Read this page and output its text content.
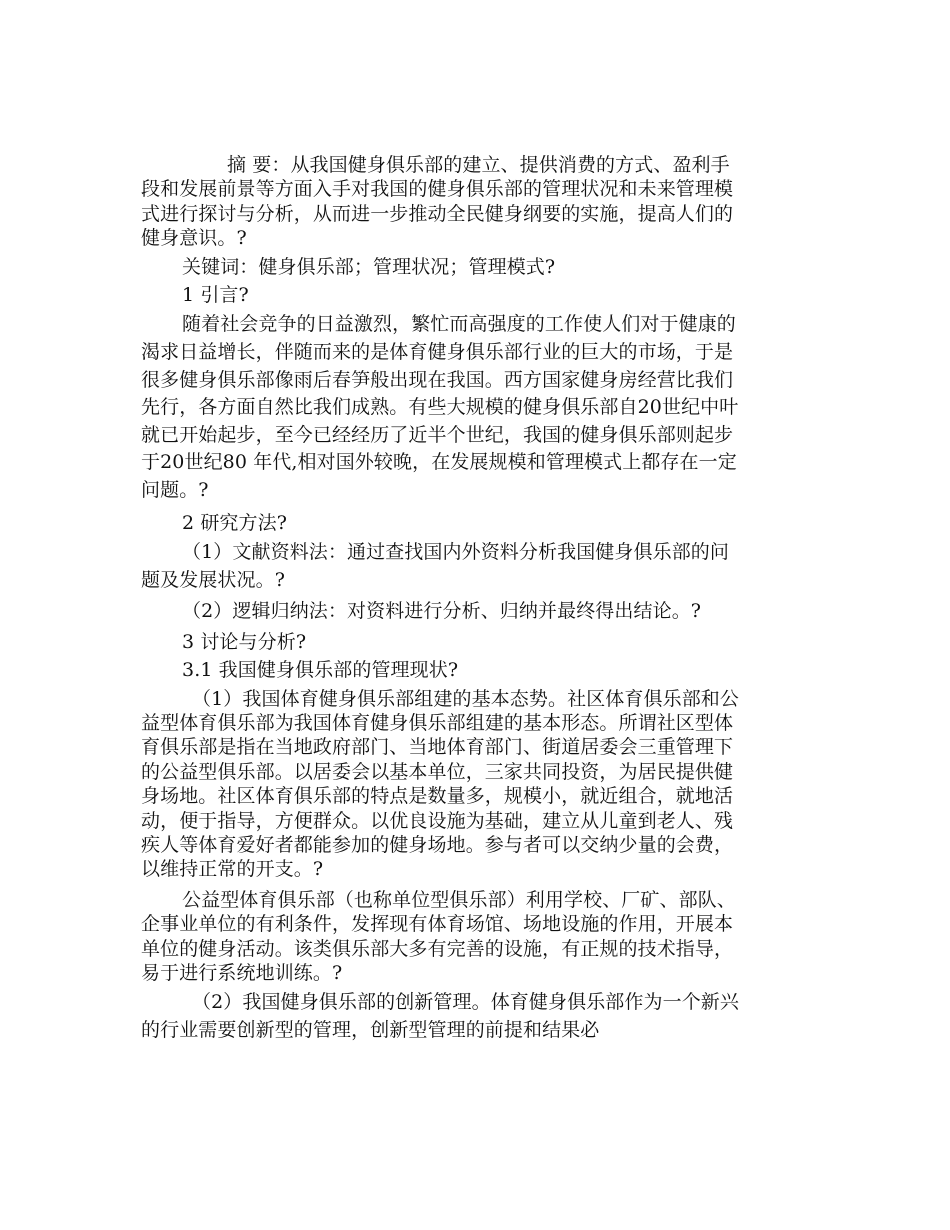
摘 要：从我国健身俱乐部的建立、提供消费的方式、盈利手段和发展前景等方面入手对我国的健身俱乐部的管理状况和未来管理模式进行探讨与分析，从而进一步推动全民健身纲要的实施，提高人们的健身意识。?

关键词：健身俱乐部；管理状况；管理模式?

1 引言?

随着社会竞争的日益激烈，繁忙而高强度的工作使人们对于健康的渴求日益增长，伴随而来的是体育健身俱乐部行业的巨大的市场，于是很多健身俱乐部像雨后春笋般出现在我国。西方国家健身房经营比我们先行，各方面自然比我们成熟。有些大规模的健身俱乐部自20世纪中叶就已开始起步，至今已经经历了近半个世纪，我国的健身俱乐部则起步于20世纪80 年代,相对国外较晚，在发展规模和管理模式上都存在一定问题。?

2 研究方法?

（1）文献资料法：通过查找国内外资料分析我国健身俱乐部的问题及发展状况。?

（2）逻辑归纳法：对资料进行分析、归纳并最终得出结论。?

3 讨论与分析?

3.1 我国健身俱乐部的管理现状?

（1）我国体育健身俱乐部组建的基本态势。社区体育俱乐部和公益型体育俱乐部为我国体育健身俱乐部组建的基本形态。所谓社区型体育俱乐部是指在当地政府部门、当地体育部门、街道居委会三重管理下的公益型俱乐部。以居委会以基本单位，三家共同投资，为居民提供健身场地。社区体育俱乐部的特点是数量多，规模小，就近组合，就地活动，便于指导，方便群众。以优良设施为基础，建立从儿童到老人、残疾人等体育爱好者都能参加的健身场地。参与者可以交纳少量的会费，以维持正常的开支。?

公益型体育俱乐部（也称单位型俱乐部）利用学校、厂矿、部队、企事业单位的有利条件，发挥现有体育场馆、场地设施的作用，开展本单位的健身活动。该类俱乐部大多有完善的设施，有正规的技术指导，易于进行系统地训练。?

（2）我国健身俱乐部的创新管理。体育健身俱乐部作为一个新兴的行业需要创新型的管理，创新型管理的前提和结果必
